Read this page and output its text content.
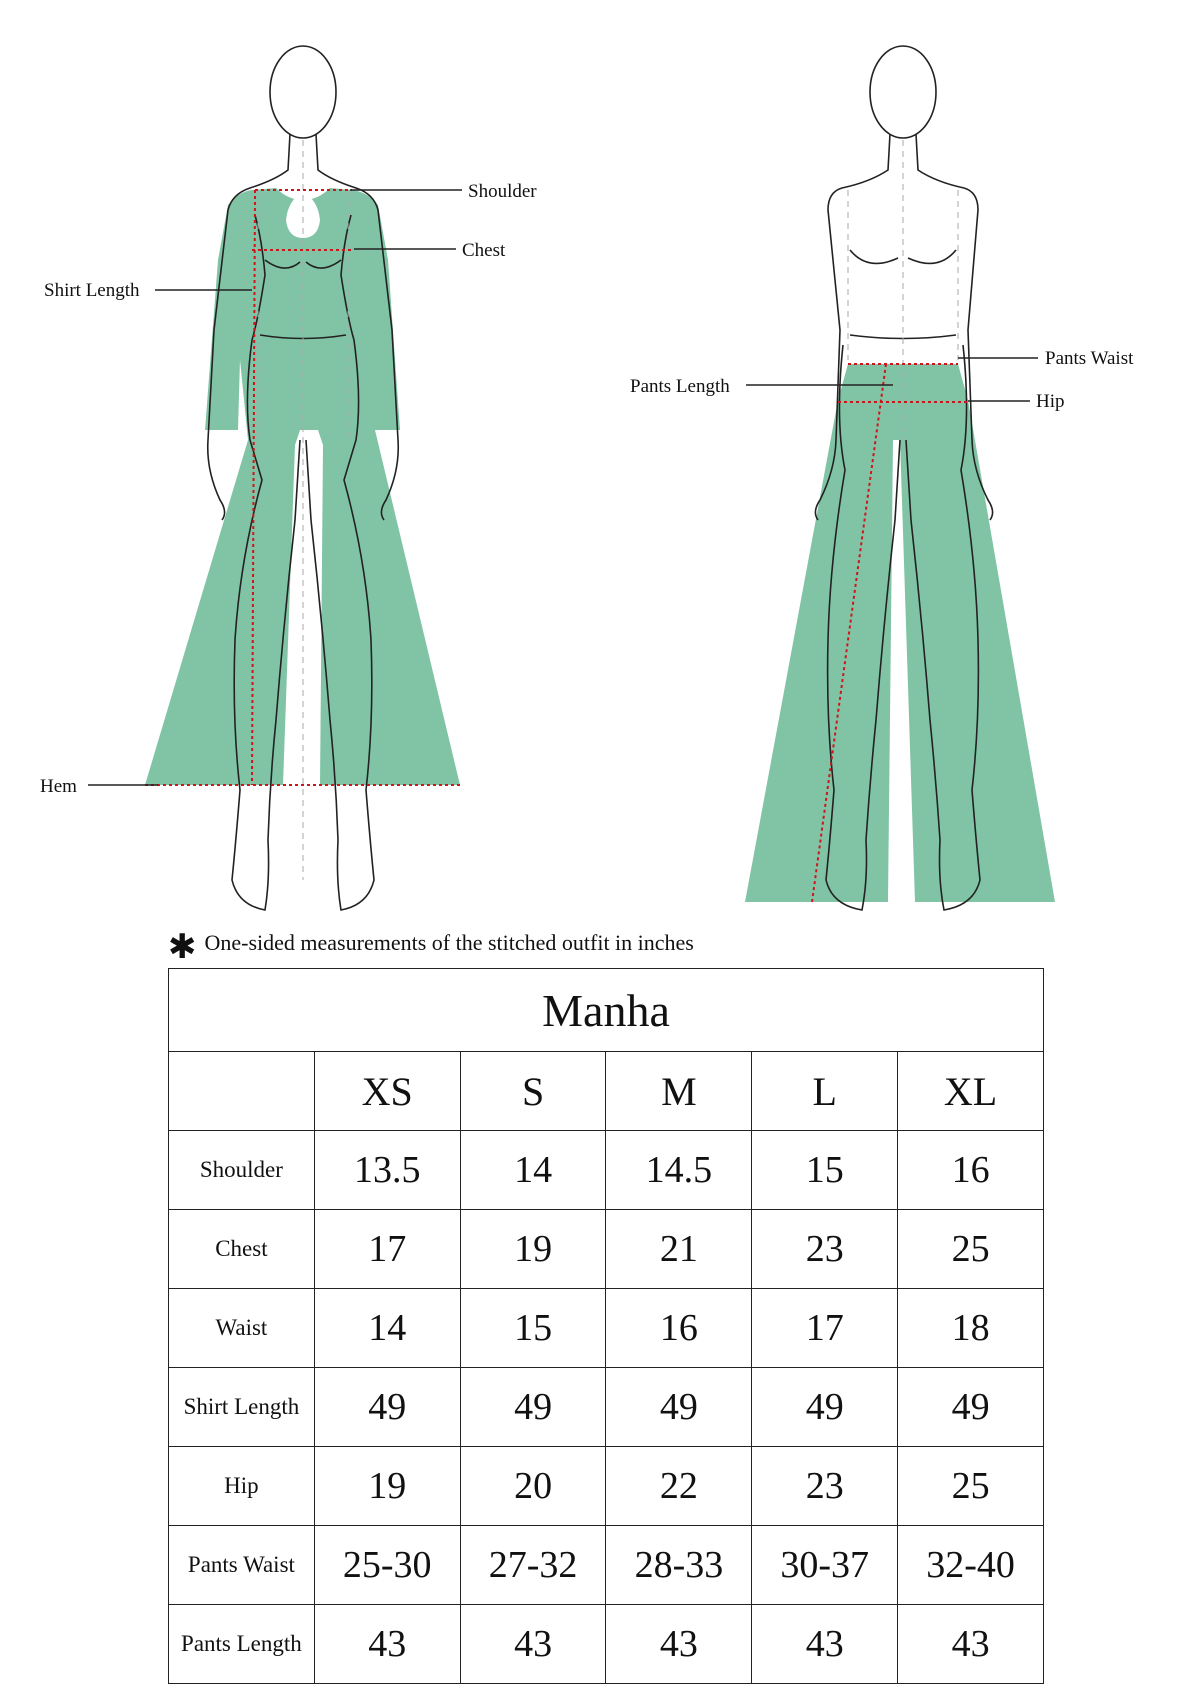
Shoulder
Chest
Shirt Length
Hem
Pants Waist
Hip
Pants Length
✱ One-sided measurements of the stitched outfit in inches
Manha					
	XS	S	M	L	XL
Shoulder	13.5	14	14.5	15	16
Chest	17	19	21	23	25
Waist	14	15	16	17	18
Shirt Length	49	49	49	49	49
Hip	19	20	22	23	25
Pants Waist	25-30	27-32	28-33	30-37	32-40
Pants Length	43	43	43	43	43
